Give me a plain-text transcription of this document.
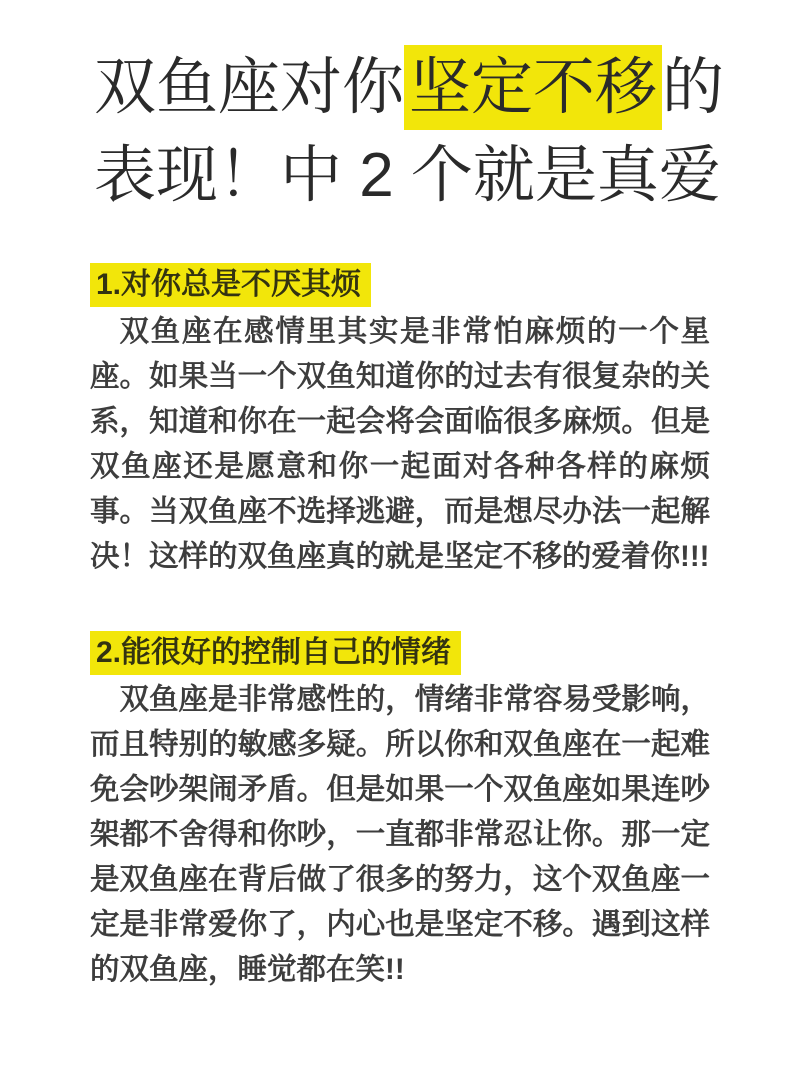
双鱼座对你坚定不移的
表现！中 2 个就是真爱
1.对你总是不厌其烦

双鱼座在感情里其实是非常怕麻烦的一个星座。如果当一个双鱼知道你的过去有很复杂的关系，知道和你在一起会将会面临很多麻烦。但是双鱼座还是愿意和你一起面对各种各样的麻烦事。当双鱼座不选择逃避，而是想尽办法一起解决！这样的双鱼座真的就是坚定不移的爱着你!!!

2.能很好的控制自己的情绪

双鱼座是非常感性的，情绪非常容易受影响，而且特别的敏感多疑。所以你和双鱼座在一起难免会吵架闹矛盾。但是如果一个双鱼座如果连吵架都不舍得和你吵，一直都非常忍让你。那一定是双鱼座在背后做了很多的努力，这个双鱼座一定是非常爱你了，内心也是坚定不移。遇到这样的双鱼座，睡觉都在笑!!
